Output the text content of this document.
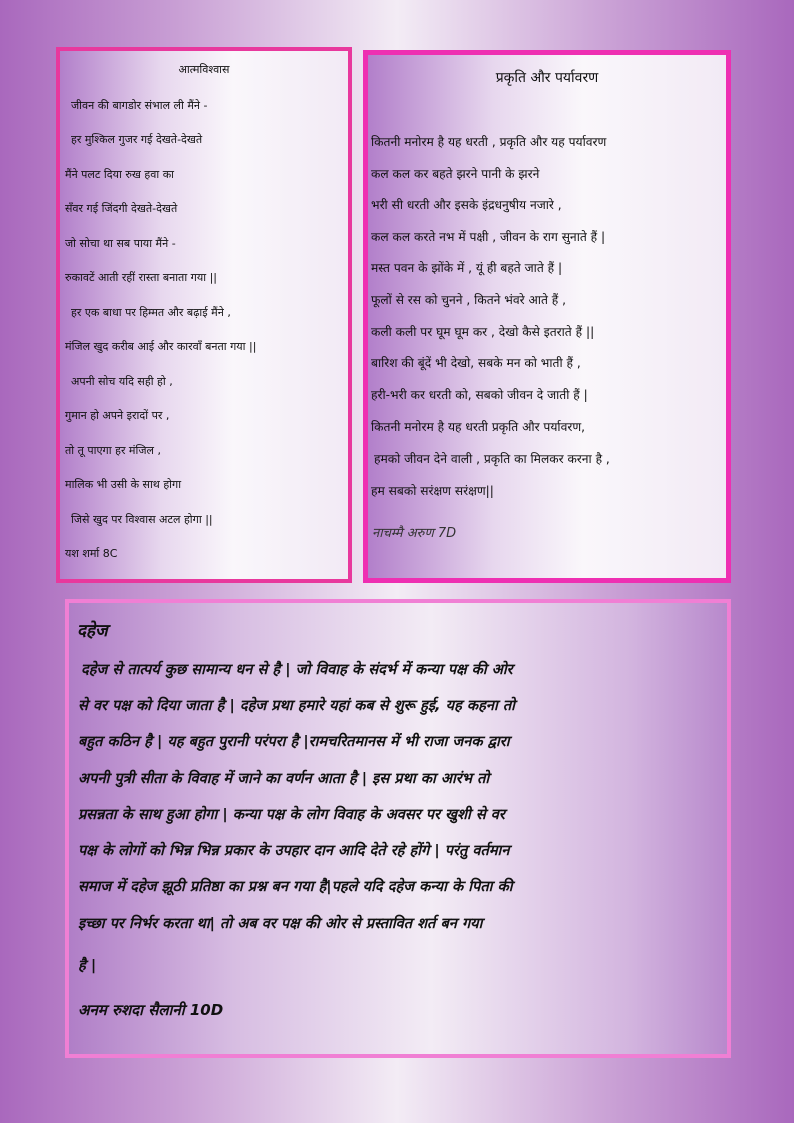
आत्मविश्वास
जीवन की बागडोर संभाल ली मैंने -
हर मुश्किल गुजर गई देखते-देखते
मैंने पलट दिया रुख हवा का
सँवर गई जिंदगी देखते-देखते
जो सोचा था सब पाया मैंने -
रुकावटें आती रहीं रास्ता बनाता गया ||
हर एक बाधा पर हिम्मत और बढ़ाई मैंने ,
मंजिल खुद करीब आई और कारवाँ बनता गया ||
अपनी सोच यदि सही हो ,
गुमान हो अपने इरादों पर ,
तो तू पाएगा हर मंजिल ,
मालिक भी उसी के साथ होगा
जिसे खुद पर विश्वास अटल होगा ||
यश शर्मा 8C
प्रकृति और पर्यावरण
कितनी मनोरम है यह धरती , प्रकृति और यह पर्यावरण
कल कल कर बहते झरने पानी के झरने
भरी सी धरती और इसके इंद्रधनुषीय नजारे ,
कल कल करते नभ में पक्षी , जीवन के राग सुनाते हैं |
मस्त पवन के झोंके में , यूं ही बहते जाते हैं |
फूलों से रस को चुनने , कितने भंवरे आते हैं ,
कली कली पर घूम घूम कर , देखो कैसे इतराते हैं ||
बारिश की बूंदें भी देखो, सबके मन को भाती हैं ,
हरी-भरी कर धरती को, सबको जीवन दे जाती हैं |
कितनी मनोरम है यह धरती प्रकृति और पर्यावरण,
हमको जीवन देने वाली , प्रकृति का मिलकर करना है ,
हम सबको सरंक्षण सरंक्षण||
नाचम्मै अरुण 7D
दहेज
दहेज से तात्पर्य कुछ सामान्य धन से है | जो विवाह के संदर्भ में कन्या पक्ष की ओर
से वर पक्ष को दिया जाता है | दहेज प्रथा हमारे यहां कब से शुरू हुई, यह कहना तो
बहुत कठिन है | यह बहुत पुरानी परंपरा है |रामचरितमानस में भी राजा जनक द्वारा
अपनी पुत्री सीता के विवाह में जाने का वर्णन आता है | इस प्रथा का आरंभ तो
प्रसन्नता के साथ हुआ होगा | कन्या पक्ष के लोग विवाह के अवसर पर खुशी से वर
पक्ष के लोगों को भिन्न भिन्न प्रकार के उपहार दान आदि देते रहे होंगे | परंतु वर्तमान
समाज में दहेज झूठी प्रतिष्ठा का प्रश्न बन गया है|पहले यदि दहेज कन्या के पिता की
इच्छा पर निर्भर करता था| तो अब वर पक्ष की ओर से प्रस्तावित शर्त बन गया
है |
अनम रुशदा सैलानी 10D
